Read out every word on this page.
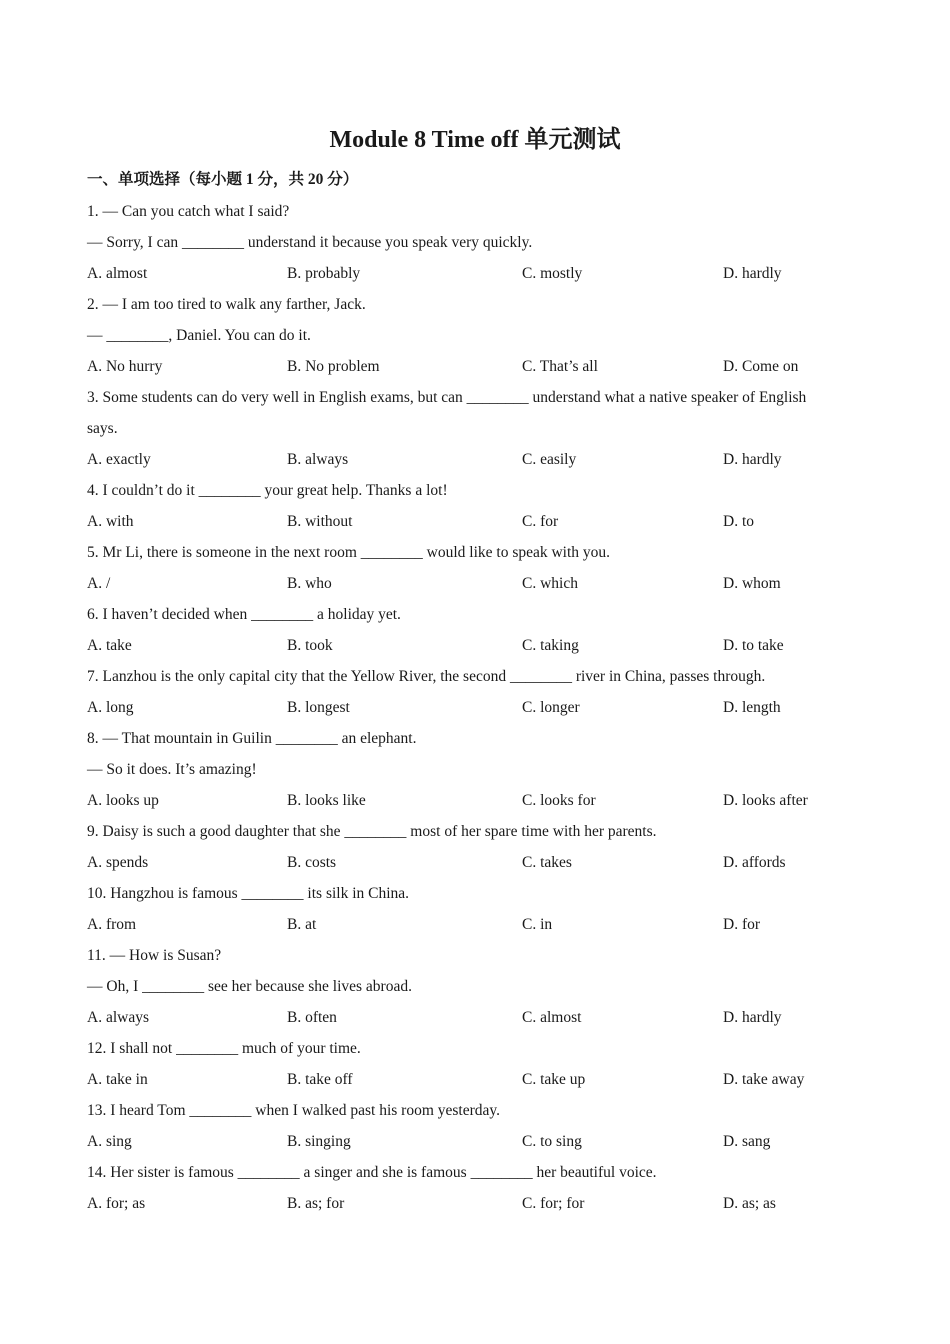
Module 8 Time off 单元测试
一、单项选择（每小题 1 分，共 20 分）
1. — Can you catch what I said?
— Sorry, I can ________ understand it because you speak very quickly.
A. almost	B. probably	C. mostly	D. hardly
2. — I am too tired to walk any farther, Jack.
— ________, Daniel. You can do it.
A. No hurry	B. No problem	C. That’s all	D. Come on
3. Some students can do very well in English exams, but can ________ understand what a native speaker of English
says.
A. exactly	B. always	C. easily	D. hardly
4. I couldn’t do it ________ your great help. Thanks a lot!
A. with	B. without	C. for	D. to
5. Mr Li, there is someone in the next room ________ would like to speak with you.
A. /	B. who	C. which	D. whom
6. I haven’t decided when ________ a holiday yet.
A. take	B. took	C. taking	D. to take
7. Lanzhou is the only capital city that the Yellow River, the second ________ river in China, passes through.
A. long	B. longest	C. longer	D. length
8. — That mountain in Guilin ________ an elephant.
— So it does. It’s amazing!
A. looks up	B. looks like	C. looks for	D. looks after
9. Daisy is such a good daughter that she ________ most of her spare time with her parents.
A. spends	B. costs	C. takes	D. affords
10. Hangzhou is famous ________ its silk in China.
A. from	B. at	C. in	D. for
11. — How is Susan?
— Oh, I ________ see her because she lives abroad.
A. always	B. often	C. almost	D. hardly
12. I shall not ________ much of your time.
A. take in	B. take off	C. take up	D. take away
13. I heard Tom ________ when I walked past his room yesterday.
A. sing	B. singing	C. to sing	D. sang
14. Her sister is famous ________ a singer and she is famous ________ her beautiful voice.
A. for; as	B. as; for	C. for; for	D. as; as
